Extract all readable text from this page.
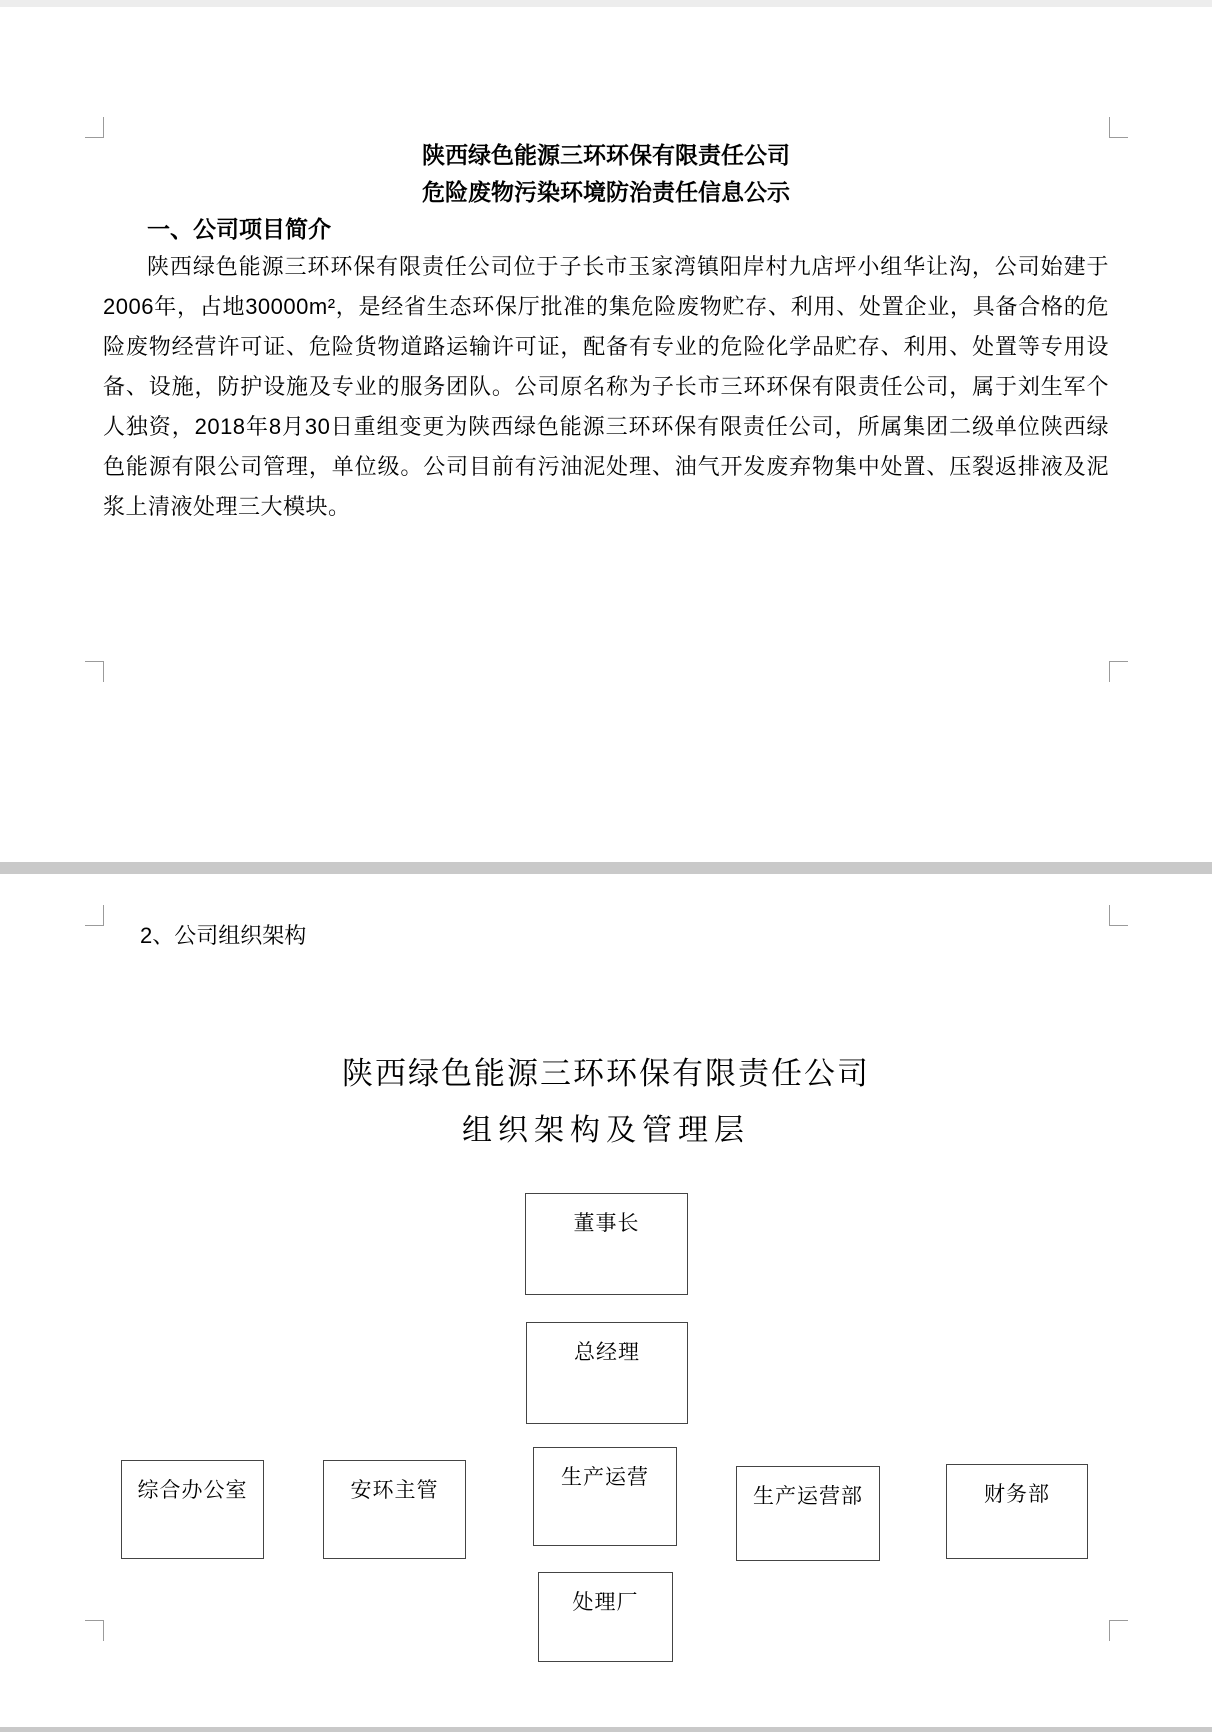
陕西绿色能源三环环保有限责任公司
危险废物污染环境防治责任信息公示
一、公司项目简介
陕西绿色能源三环环保有限责任公司位于子长市玉家湾镇阳岸村九店坪小组华让沟，公司始建于2006年，占地30000m²，是经省生态环保厅批准的集危险废物贮存、利用、处置企业，具备合格的危险废物经营许可证、危险货物道路运输许可证，配备有专业的危险化学品贮存、利用、处置等专用设备、设施，防护设施及专业的服务团队。公司原名称为子长市三环环保有限责任公司，属于刘生军个人独资，2018年8月30日重组变更为陕西绿色能源三环环保有限责任公司，所属集团二级单位陕西绿色能源有限公司管理，单位级。公司目前有污油泥处理、油气开发废弃物集中处置、压裂返排液及泥浆上清液处理三大模块。
2、公司组织架构
陕西绿色能源三环环保有限责任公司
组织架构及管理层
董事长
总经理
生产运营
综合办公室	安环主管	生产运营部	财务部
处理厂
